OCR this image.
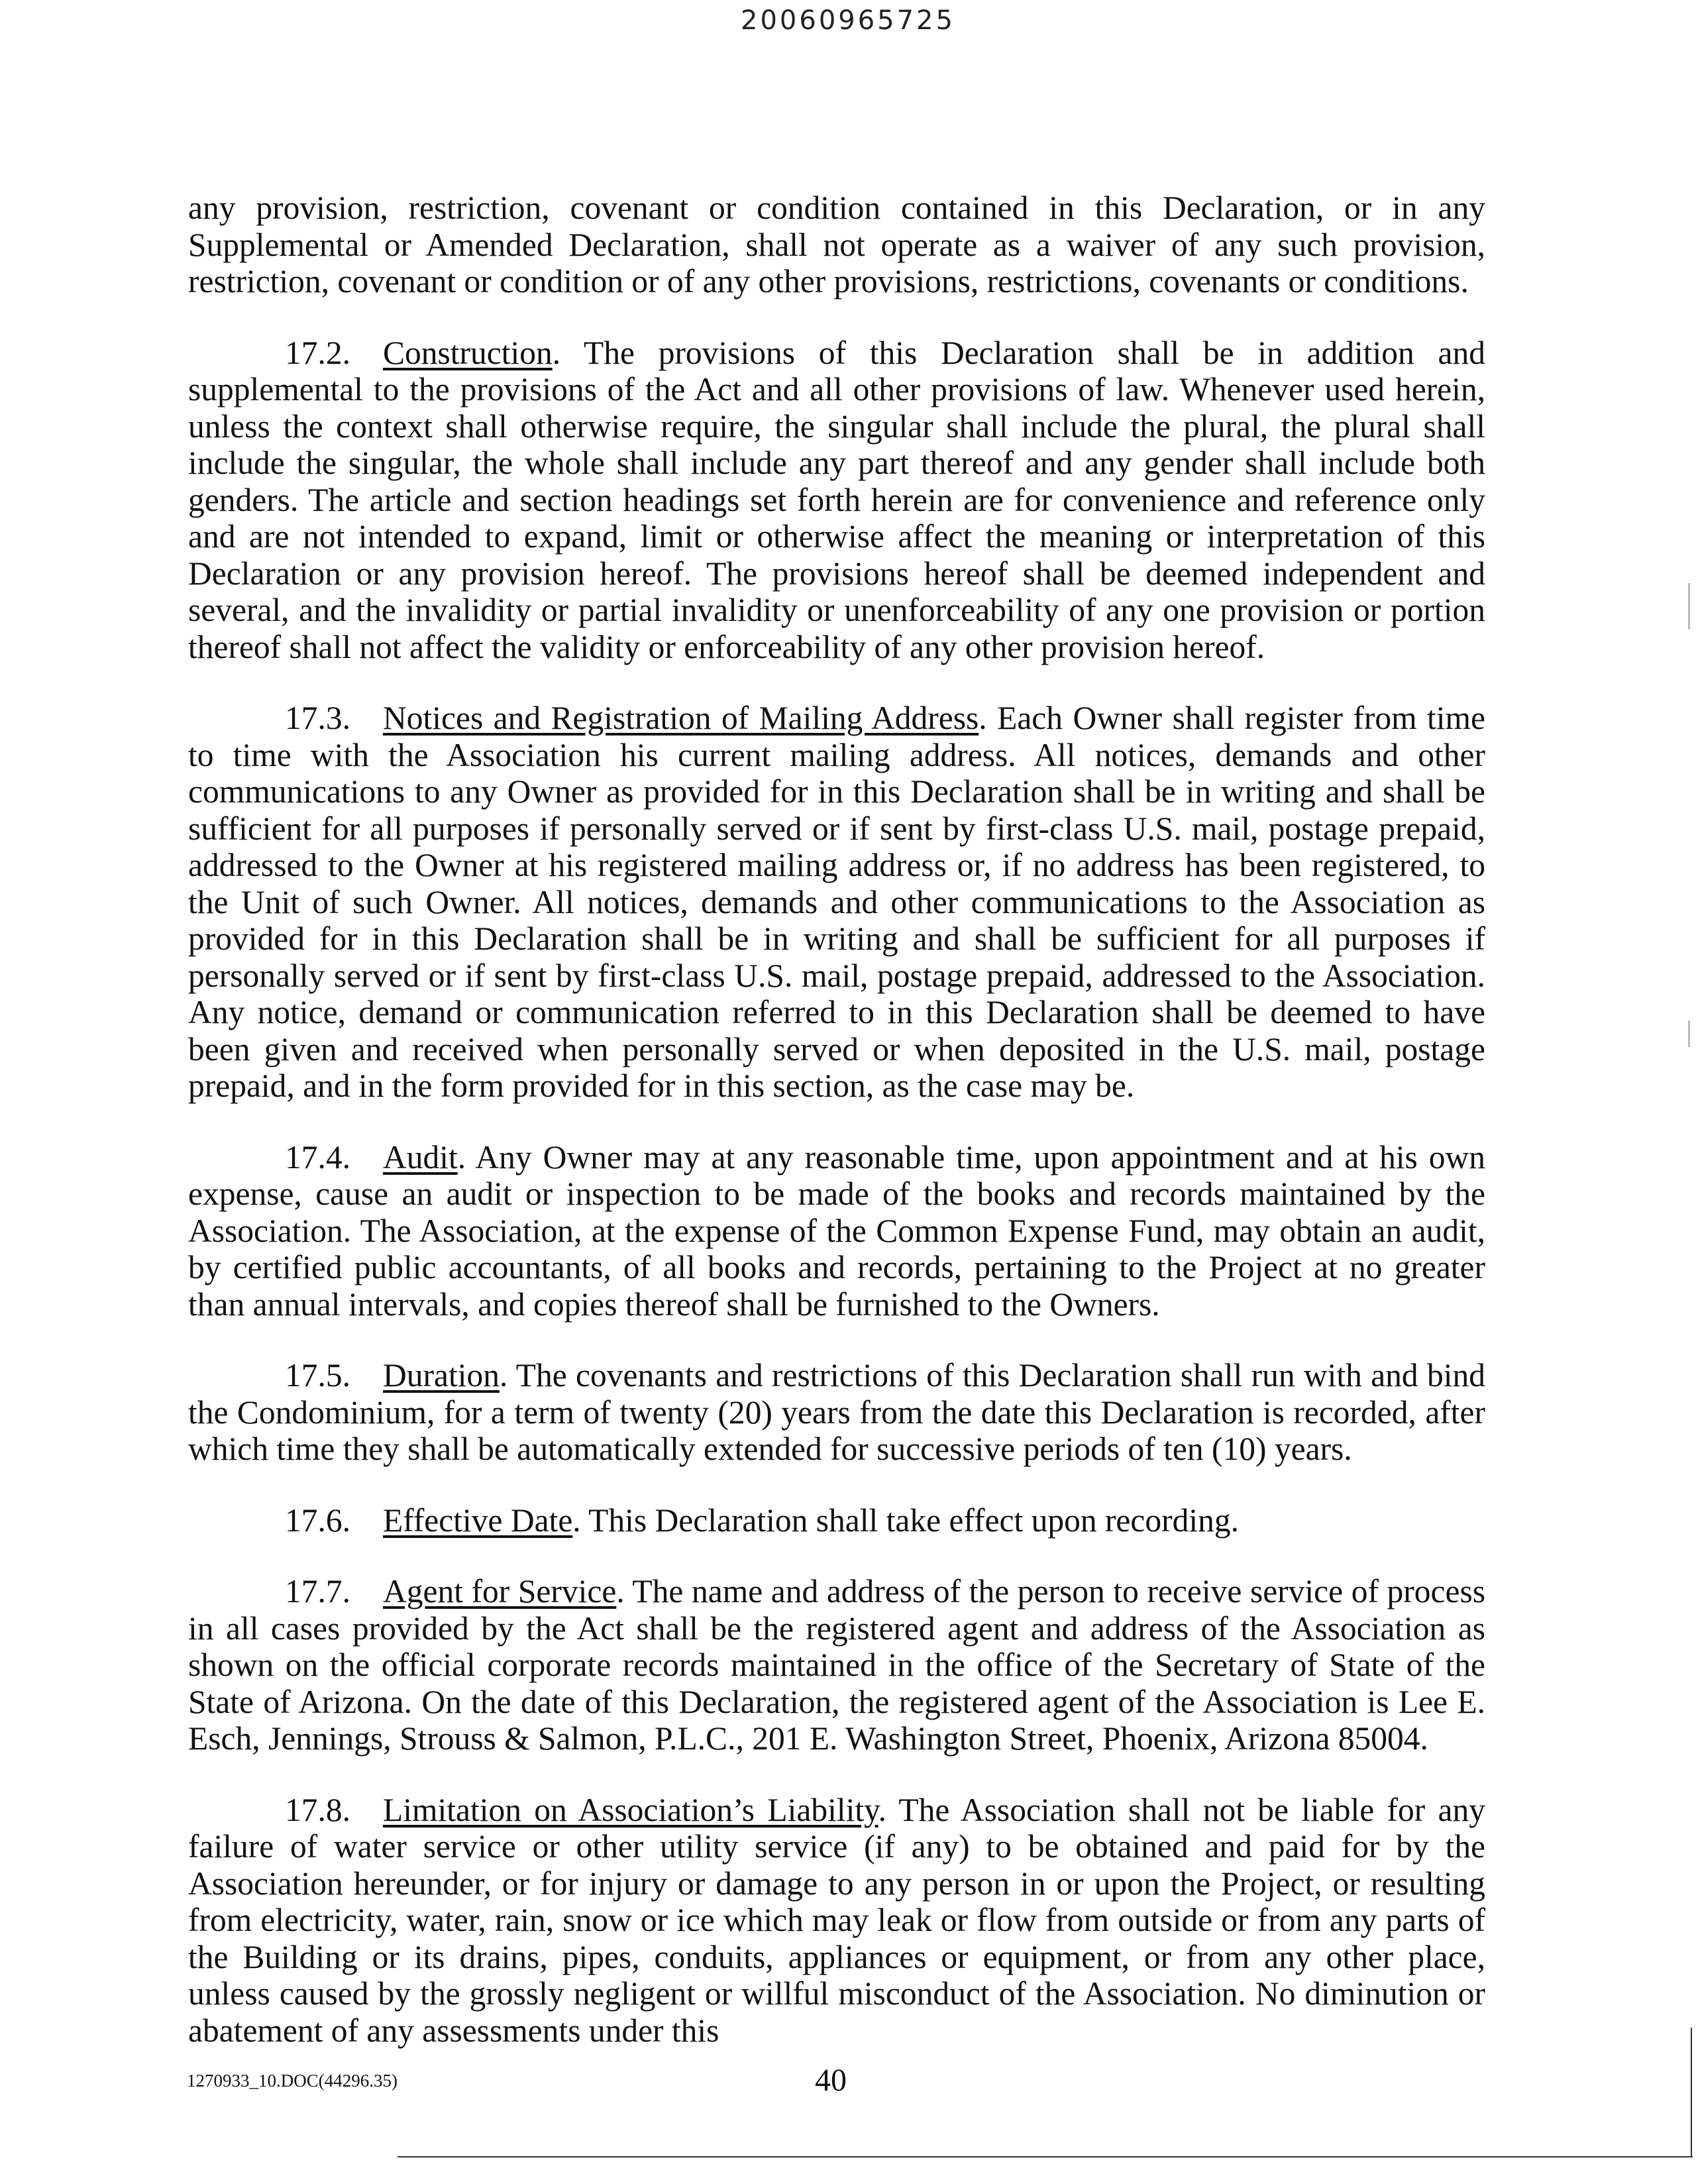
20060965725

any provision, restriction, covenant or condition contained in this Declaration, or in any Supplemental or Amended Declaration, shall not operate as a waiver of any such provision, restriction, covenant or condition or of any other provisions, restrictions, covenants or conditions.

17.2. Construction. The provisions of this Declaration shall be in addition and supplemental to the provisions of the Act and all other provisions of law. Whenever used herein, unless the context shall otherwise require, the singular shall include the plural, the plural shall include the singular, the whole shall include any part thereof and any gender shall include both genders. The article and section headings set forth herein are for convenience and reference only and are not intended to expand, limit or otherwise affect the meaning or interpretation of this Declaration or any provision hereof. The provisions hereof shall be deemed independent and several, and the invalidity or partial invalidity or unenforceability of any one provision or portion thereof shall not affect the validity or enforceability of any other provision hereof.

17.3. Notices and Registration of Mailing Address. Each Owner shall register from time to time with the Association his current mailing address. All notices, demands and other communications to any Owner as provided for in this Declaration shall be in writing and shall be sufficient for all purposes if personally served or if sent by first-class U.S. mail, postage prepaid, addressed to the Owner at his registered mailing address or, if no address has been registered, to the Unit of such Owner. All notices, demands and other communications to the Association as provided for in this Declaration shall be in writing and shall be sufficient for all purposes if personally served or if sent by first-class U.S. mail, postage prepaid, addressed to the Association. Any notice, demand or communication referred to in this Declaration shall be deemed to have been given and received when personally served or when deposited in the U.S. mail, postage prepaid, and in the form provided for in this section, as the case may be.

17.4. Audit. Any Owner may at any reasonable time, upon appointment and at his own expense, cause an audit or inspection to be made of the books and records maintained by the Association. The Association, at the expense of the Common Expense Fund, may obtain an audit, by certified public accountants, of all books and records, pertaining to the Project at no greater than annual intervals, and copies thereof shall be furnished to the Owners.

17.5. Duration. The covenants and restrictions of this Declaration shall run with and bind the Condominium, for a term of twenty (20) years from the date this Declaration is recorded, after which time they shall be automatically extended for successive periods of ten (10) years.

17.6. Effective Date. This Declaration shall take effect upon recording.

17.7. Agent for Service. The name and address of the person to receive service of process in all cases provided by the Act shall be the registered agent and address of the Association as shown on the official corporate records maintained in the office of the Secretary of State of the State of Arizona. On the date of this Declaration, the registered agent of the Association is Lee E. Esch, Jennings, Strouss & Salmon, P.L.C., 201 E. Washington Street, Phoenix, Arizona 85004.

17.8. Limitation on Association’s Liability. The Association shall not be liable for any failure of water service or other utility service (if any) to be obtained and paid for by the Association hereunder, or for injury or damage to any person in or upon the Project, or resulting from electricity, water, rain, snow or ice which may leak or flow from outside or from any parts of the Building or its drains, pipes, conduits, appliances or equipment, or from any other place, unless caused by the grossly negligent or willful misconduct of the Association. No diminution or abatement of any assessments under this

1270933_10.DOC(44296.35)	40
